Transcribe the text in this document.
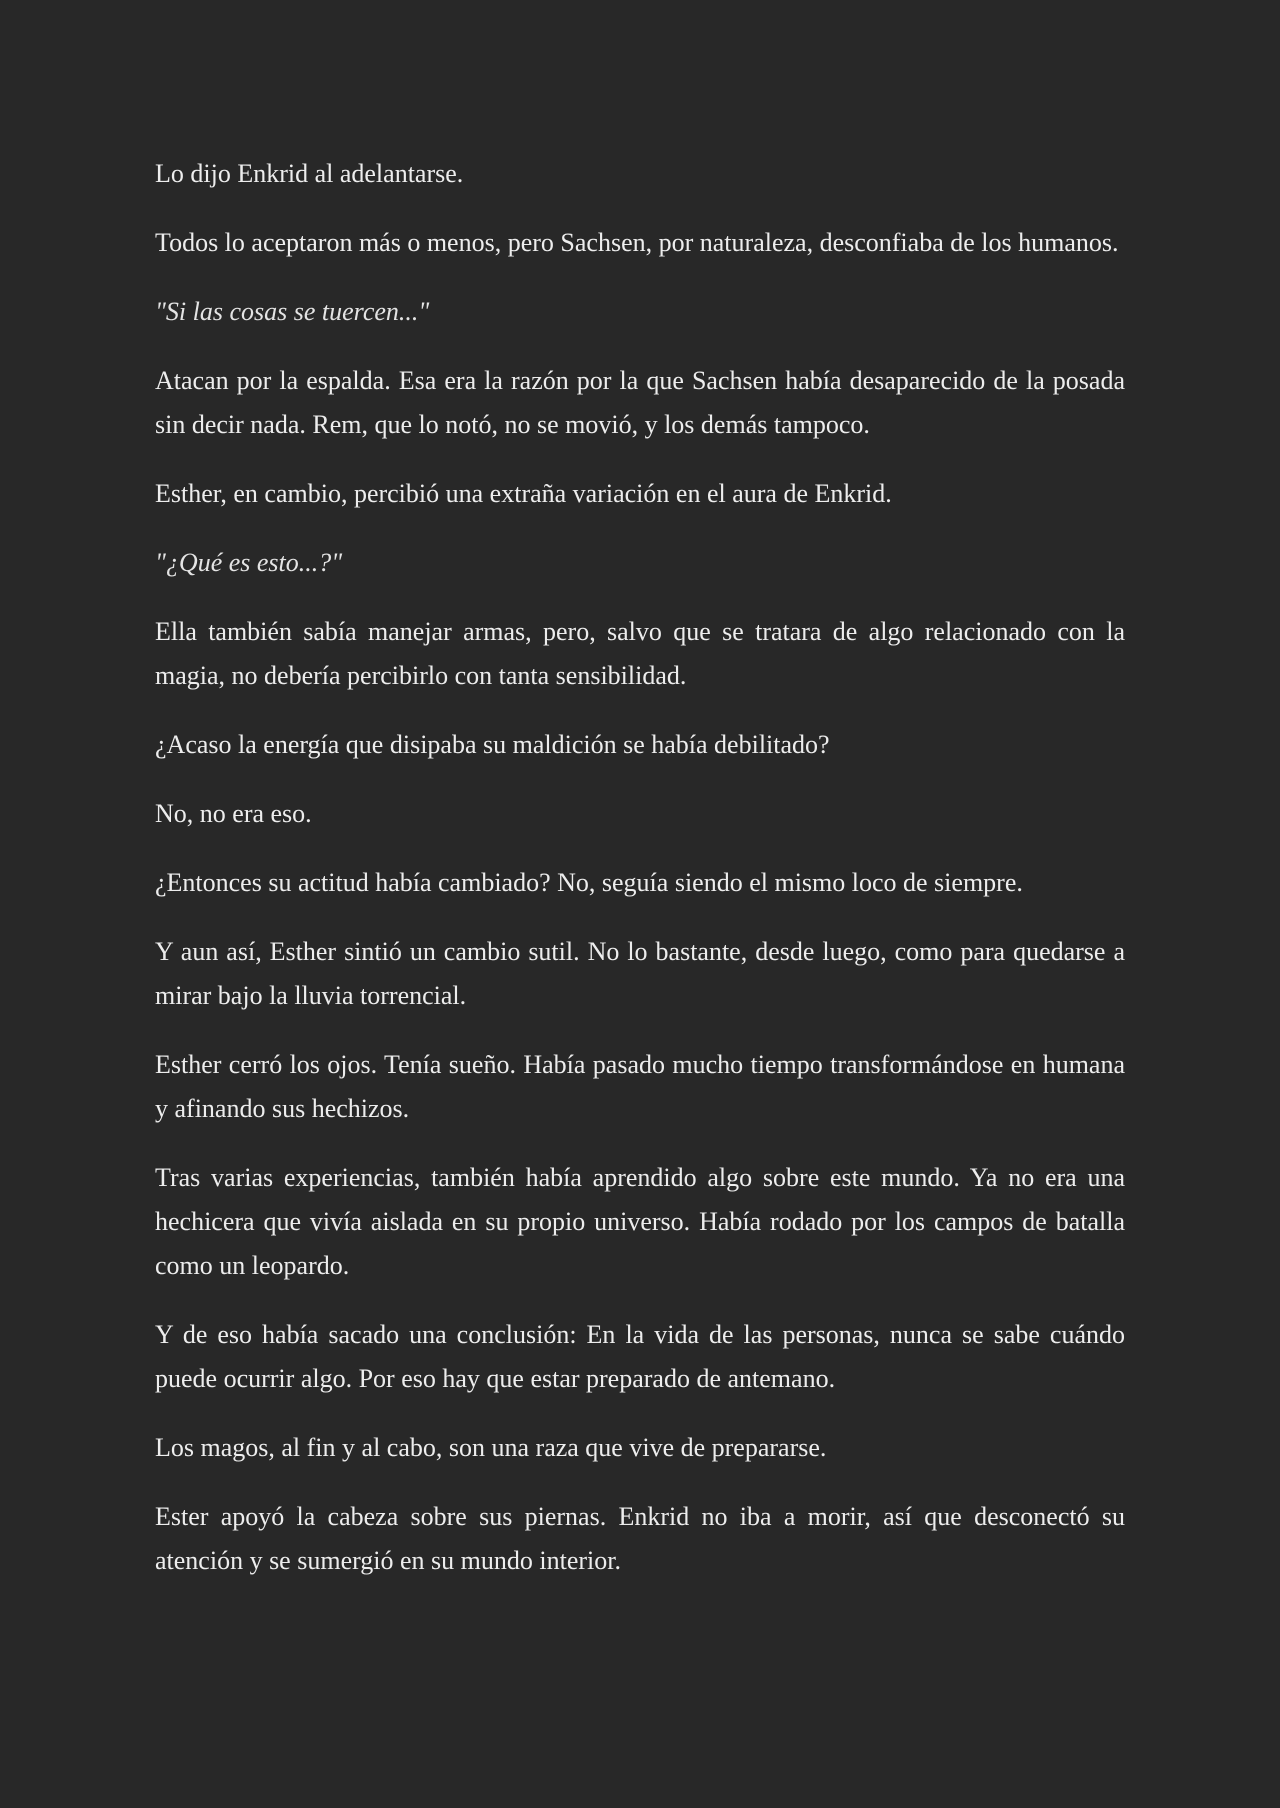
Lo dijo Enkrid al adelantarse.

Todos lo aceptaron más o menos, pero Sachsen, por naturaleza, desconfiaba de los humanos.

"Si las cosas se tuercen..."

Atacan por la espalda. Esa era la razón por la que Sachsen había desaparecido de la posada sin decir nada. Rem, que lo notó, no se movió, y los demás tampoco.

Esther, en cambio, percibió una extraña variación en el aura de Enkrid.

"¿Qué es esto...?"

Ella también sabía manejar armas, pero, salvo que se tratara de algo relacionado con la magia, no debería percibirlo con tanta sensibilidad.

¿Acaso la energía que disipaba su maldición se había debilitado?

No, no era eso.

¿Entonces su actitud había cambiado? No, seguía siendo el mismo loco de siempre.

Y aun así, Esther sintió un cambio sutil. No lo bastante, desde luego, como para quedarse a mirar bajo la lluvia torrencial.

Esther cerró los ojos. Tenía sueño. Había pasado mucho tiempo transformándose en humana y afinando sus hechizos.

Tras varias experiencias, también había aprendido algo sobre este mundo. Ya no era una hechicera que vivía aislada en su propio universo. Había rodado por los campos de batalla como un leopardo.

Y de eso había sacado una conclusión: En la vida de las personas, nunca se sabe cuándo puede ocurrir algo. Por eso hay que estar preparado de antemano.

Los magos, al fin y al cabo, son una raza que vive de prepararse.

Ester apoyó la cabeza sobre sus piernas. Enkrid no iba a morir, así que desconectó su atención y se sumergió en su mundo interior.
